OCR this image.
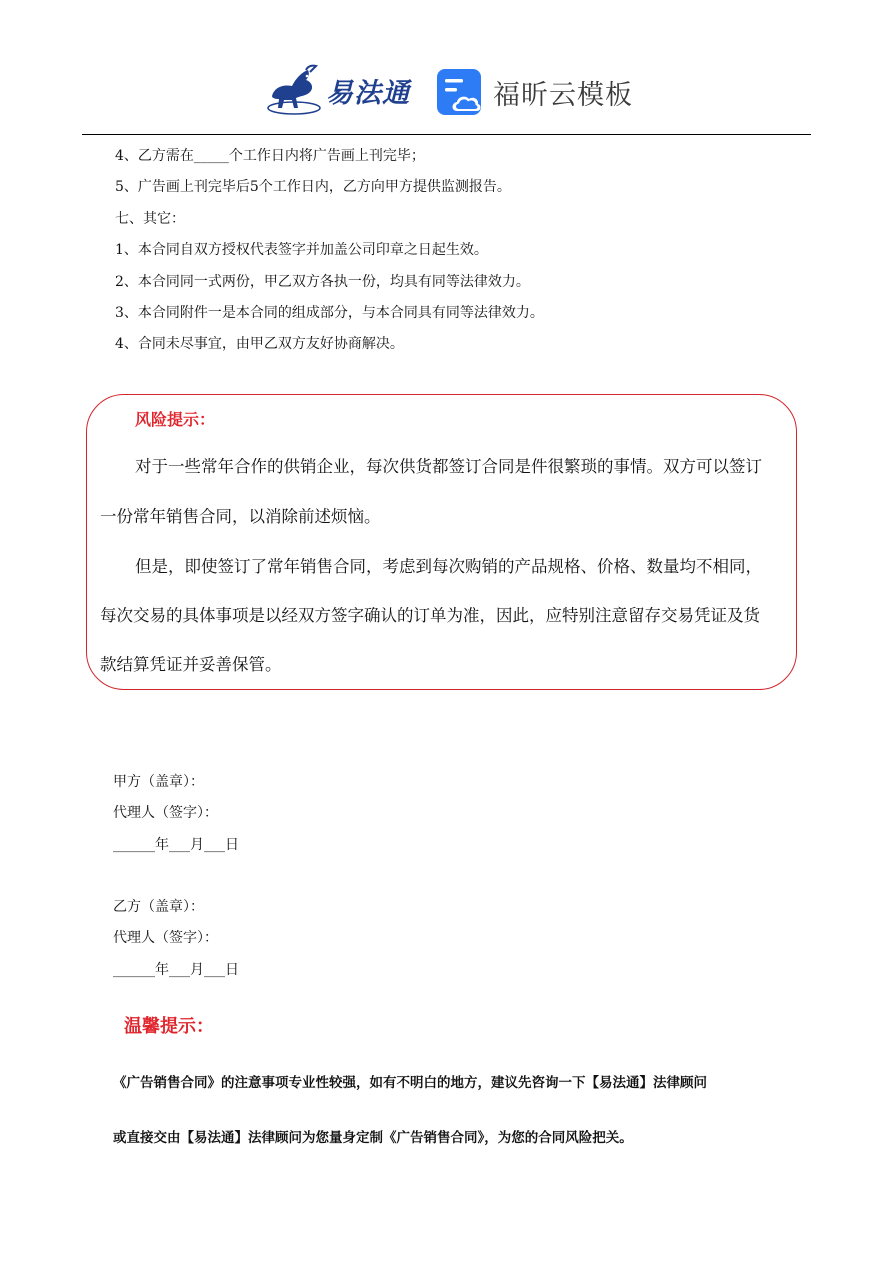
易法通	福昕云模板
4、乙方需在_____个工作日内将广告画上刊完毕；
5、广告画上刊完毕后5个工作日内，乙方向甲方提供监测报告。
七、其它：
1、本合同自双方授权代表签字并加盖公司印章之日起生效。
2、本合同同一式两份，甲乙双方各执一份，均具有同等法律效力。
3、本合同附件一是本合同的组成部分，与本合同具有同等法律效力。
4、合同未尽事宜，由甲乙双方友好协商解决。
风险提示：
对于一些常年合作的供销企业，每次供货都签订合同是件很繁琐的事情。双方可以签订
一份常年销售合同，以消除前述烦恼。
但是，即使签订了常年销售合同，考虑到每次购销的产品规格、价格、数量均不相同，
每次交易的具体事项是以经双方签字确认的订单为准，因此，应特别注意留存交易凭证及货
款结算凭证并妥善保管。
甲方（盖章）：
代理人（签字）：
______年___月___日
乙方（盖章）：
代理人（签字）：
______年___月___日
温馨提示：
《广告销售合同》的注意事项专业性较强，如有不明白的地方，建议先咨询一下【易法通】法律顾问
或直接交由【易法通】法律顾问为您量身定制《广告销售合同》，为您的合同风险把关。
